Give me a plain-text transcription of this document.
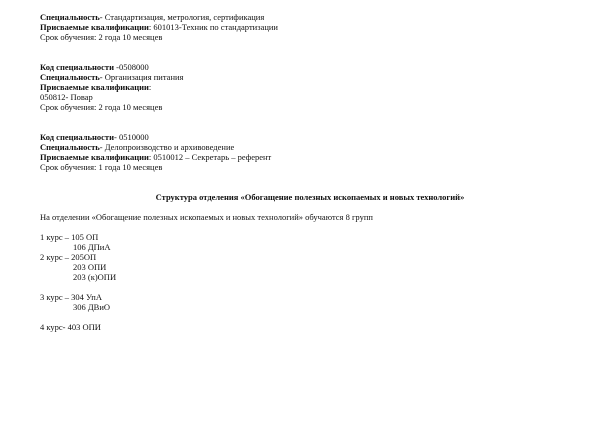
Специальность- Стандартизация, метрология, сертификация
Присваемые квалификации: 601013-Техник по стандартизации
Срок обучения: 2 года 10 месяцев
Код специальности -0508000
Специальность- Организация питания
Присваемые квалификации:
050812- Повар
Срок обучения: 2 года 10 месяцев
Код специальности- 0510000
Специальность- Делопроизводство и архивоведение
Присваемые квалификации: 0510012 – Секретарь – референт
Срок обучения: 1 года 10 месяцев
Структура отделения «Обогащение полезных ископаемых и новых технологий»
На отделении «Обогащение полезных ископаемых и новых технологий» обучаются 8 групп
1 курс – 105 ОП
106 ДПиА
2 курс – 205ОП
203 ОПИ
203 (к)ОПИ
3 курс – 304 УпА
306 ДВиО
4 курс- 403 ОПИ
